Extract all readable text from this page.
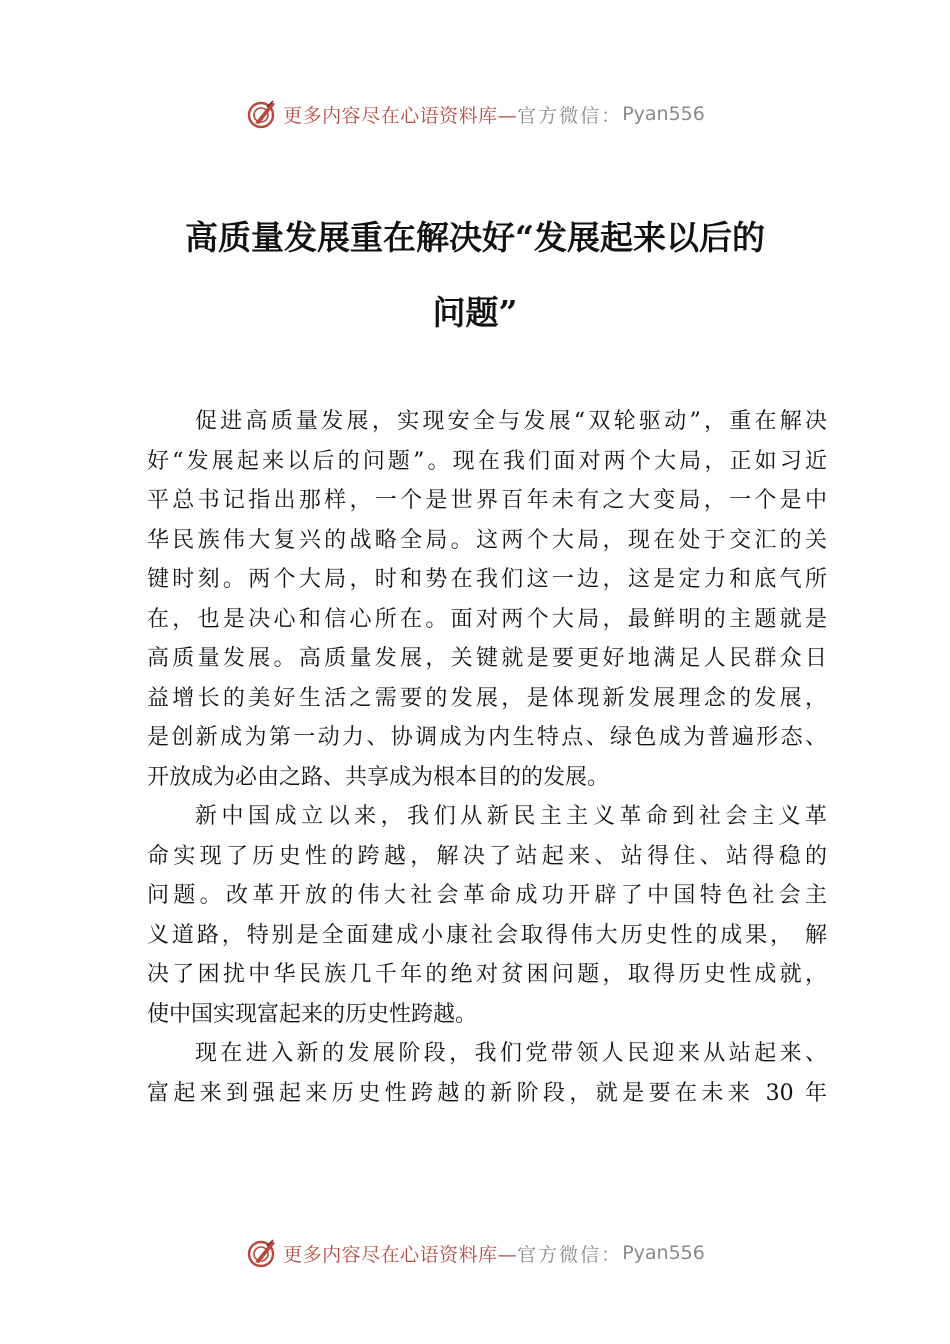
更多内容尽在心语资料库— 官方微信： Pyan556
高质量发展重在解决好“发展起来以后的
问题”
促进高质量发展，实现安全与发展“双轮驱动”，重在解决
好“发展起来以后的问题”。现在我们面对两个大局，正如习近
平总书记指出那样，一个是世界百年未有之大变局，一个是中
华民族伟大复兴的战略全局。这两个大局，现在处于交汇的关
键时刻。两个大局，时和势在我们这一边，这是定力和底气所
在，也是决心和信心所在。面对两个大局，最鲜明的主题就是
高质量发展。高质量发展，关键就是要更好地满足人民群众日
益增长的美好生活之需要的发展，是体现新发展理念的发展，
是创新成为第一动力、协调成为内生特点、绿色成为普遍形态、
开放成为必由之路、共享成为根本目的的发展。
新中国成立以来，我们从新民主主义革命到社会主义革
命实现了历史性的跨越，解决了站起来、站得住、站得稳的
问题。改革开放的伟大社会革命成功开辟了中国特色社会主
义道路，特别是全面建成小康社会取得伟大历史性的成果， 解
决了困扰中华民族几千年的绝对贫困问题，取得历史性成就，
使中国实现富起来的历史性跨越。
现在进入新的发展阶段，我们党带领人民迎来从站起来、
富起来到强起来历史性跨越的新阶段，就是要在未来 30 年
更多内容尽在心语资料库— 官方微信： Pyan556
